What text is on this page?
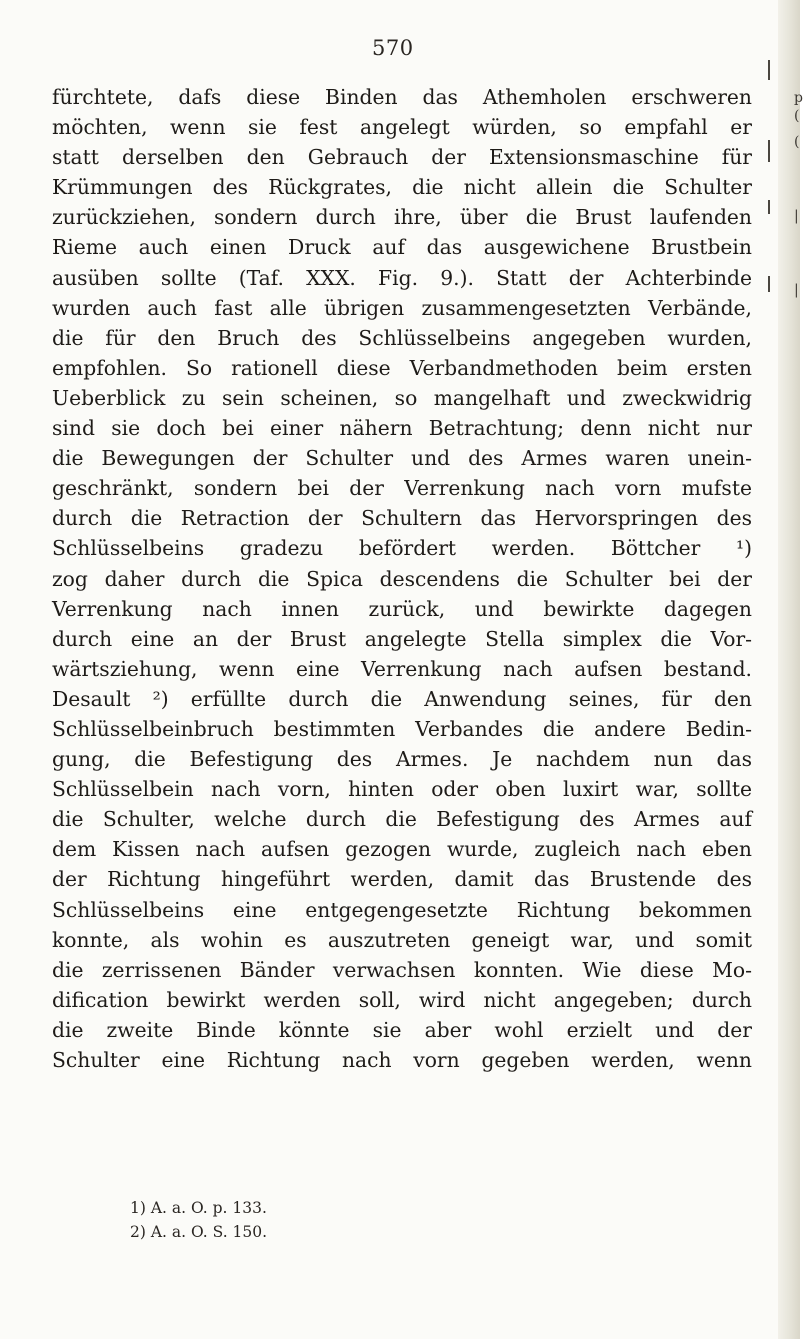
p
(
(
|
|
570
fürchtete, dafs diese Binden das Athemholen erschweren
möchten, wenn sie fest angelegt würden, so empfahl er
statt derselben den Gebrauch der Extensionsmaschine für
Krümmungen des Rückgrates, die nicht allein die Schulter
zurückziehen, sondern durch ihre, über die Brust laufenden
Rieme auch einen Druck auf das ausgewichene Brustbein
ausüben sollte (Taf. XXX. Fig. 9.). Statt der Achterbinde
wurden auch fast alle übrigen zusammengesetzten Verbände,
die für den Bruch des Schlüsselbeins angegeben wurden,
empfohlen. So rationell diese Verbandmethoden beim ersten
Ueberblick zu sein scheinen, so mangelhaft und zweckwidrig
sind sie doch bei einer nähern Betrachtung; denn nicht nur
die Bewegungen der Schulter und des Armes waren unein-
geschränkt, sondern bei der Verrenkung nach vorn mufste
durch die Retraction der Schultern das Hervorspringen des
Schlüsselbeins gradezu befördert werden. Böttcher ¹)
zog daher durch die Spica descendens die Schulter bei der
Verrenkung nach innen zurück, und bewirkte dagegen
durch eine an der Brust angelegte Stella simplex die Vor-
wärtsziehung, wenn eine Verrenkung nach aufsen bestand.
Desault ²) erfüllte durch die Anwendung seines, für den
Schlüsselbeinbruch bestimmten Verbandes die andere Bedin-
gung, die Befestigung des Armes. Je nachdem nun das
Schlüsselbein nach vorn, hinten oder oben luxirt war, sollte
die Schulter, welche durch die Befestigung des Armes auf
dem Kissen nach aufsen gezogen wurde, zugleich nach eben
der Richtung hingeführt werden, damit das Brustende des
Schlüsselbeins eine entgegengesetzte Richtung bekommen
konnte, als wohin es auszutreten geneigt war, und somit
die zerrissenen Bänder verwachsen konnten. Wie diese Mo-
dification bewirkt werden soll, wird nicht angegeben; durch
die zweite Binde könnte sie aber wohl erzielt und der
Schulter eine Richtung nach vorn gegeben werden, wenn
1) A. a. O. p. 133.
2) A. a. O. S. 150.
